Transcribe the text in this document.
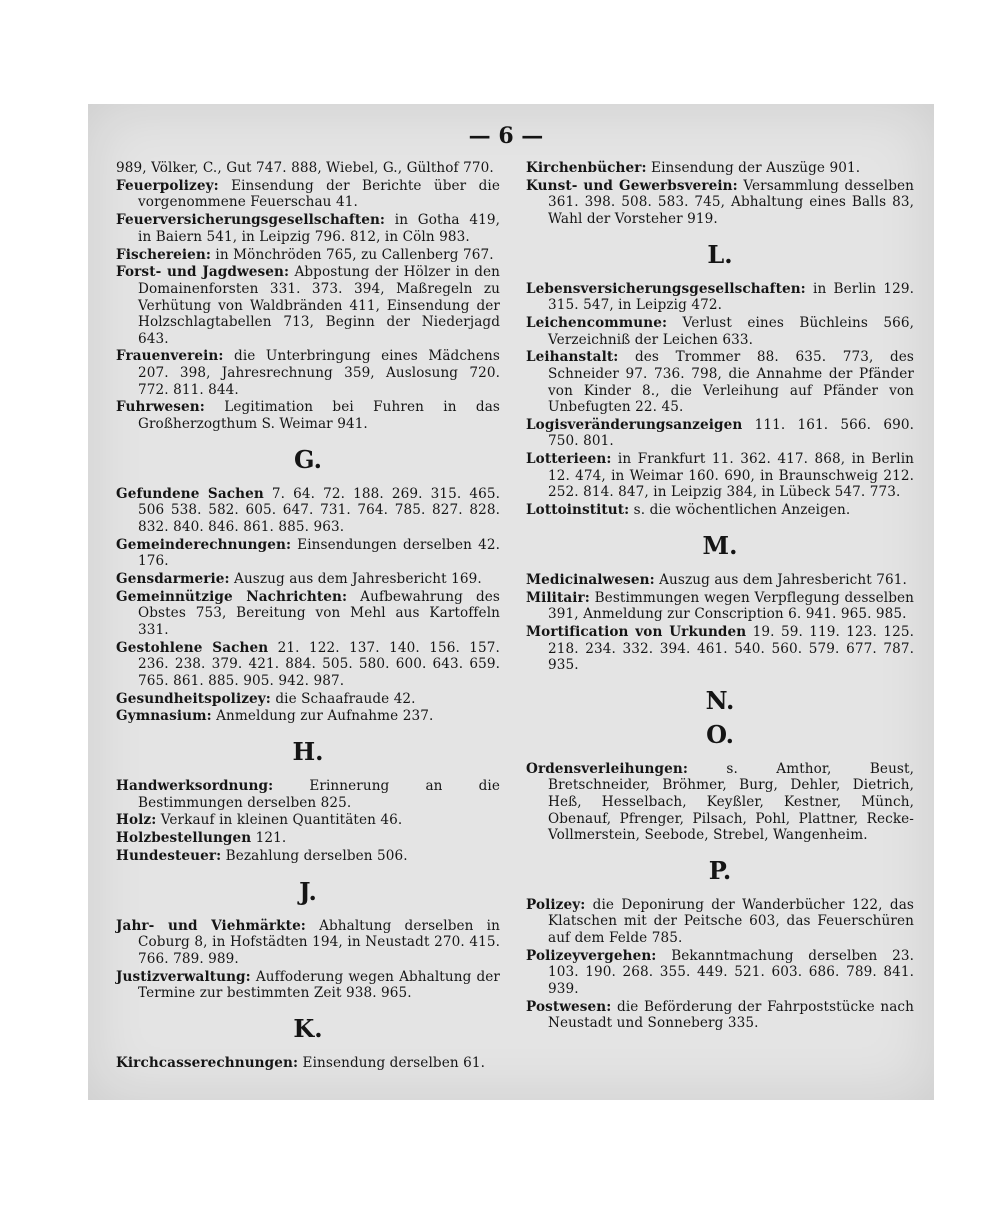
— 6 —
989, Völker, C., Gut 747. 888, Wiebel, G., Gülthof 770.
Feuerpolizey: Einsendung der Berichte über die vorgenommene Feuerschau 41.
Feuerversicherungsgesellschaften: in Gotha 419, in Baiern 541, in Leipzig 796. 812, in Cöln 983.
Fischereien: in Mönchröden 765, zu Callenberg 767.
Forst- und Jagdwesen: Abpostung der Hölzer in den Domainenforsten 331. 373. 394, Maßregeln zu Verhütung von Waldbränden 411, Einsendung der Holzschlagtabellen 713, Beginn der Niederjagd 643.
Frauenverein: die Unterbringung eines Mädchens 207. 398, Jahresrechnung 359, Auslosung 720. 772. 811. 844.
Fuhrwesen: Legitimation bei Fuhren in das Großherzogthum S. Weimar 941.
G.
Gefundene Sachen 7. 64. 72. 188. 269. 315. 465. 506 538. 582. 605. 647. 731. 764. 785. 827. 828. 832. 840. 846. 861. 885. 963.
Gemeinderechnungen: Einsendungen derselben 42. 176.
Gensdarmerie: Auszug aus dem Jahresbericht 169.
Gemeinnützige Nachrichten: Aufbewahrung des Obstes 753, Bereitung von Mehl aus Kartoffeln 331.
Gestohlene Sachen 21. 122. 137. 140. 156. 157. 236. 238. 379. 421. 884. 505. 580. 600. 643. 659. 765. 861. 885. 905. 942. 987.
Gesundheitspolizey: die Schaafraude 42.
Gymnasium: Anmeldung zur Aufnahme 237.
H.
Handwerksordnung: Erinnerung an die Bestimmungen derselben 825.
Holz: Verkauf in kleinen Quantitäten 46.
Holzbestellungen 121.
Hundesteuer: Bezahlung derselben 506.
J.
Jahr- und Viehmärkte: Abhaltung derselben in Coburg 8, in Hofstädten 194, in Neustadt 270. 415. 766. 789. 989.
Justizverwaltung: Auffoderung wegen Abhaltung der Termine zur bestimmten Zeit 938. 965.
K.
Kirchcasserechnungen: Einsendung derselben 61.
Kirchenbücher: Einsendung der Auszüge 901.
Kunst- und Gewerbsverein: Versammlung desselben 361. 398. 508. 583. 745, Abhaltung eines Balls 83, Wahl der Vorsteher 919.
L.
Lebensversicherungsgesellschaften: in Berlin 129. 315. 547, in Leipzig 472.
Leichencommune: Verlust eines Büchleins 566, Verzeichniß der Leichen 633.
Leihanstalt: des Trommer 88. 635. 773, des Schneider 97. 736. 798, die Annahme der Pfänder von Kinder 8., die Verleihung auf Pfänder von Unbefugten 22. 45.
Logisveränderungsanzeigen 111. 161. 566. 690. 750. 801.
Lotterieen: in Frankfurt 11. 362. 417. 868, in Berlin 12. 474, in Weimar 160. 690, in Braunschweig 212. 252. 814. 847, in Leipzig 384, in Lübeck 547. 773.
Lottoinstitut: s. die wöchentlichen Anzeigen.
M.
Medicinalwesen: Auszug aus dem Jahresbericht 761.
Militair: Bestimmungen wegen Verpflegung desselben 391, Anmeldung zur Conscription 6. 941. 965. 985.
Mortification von Urkunden 19. 59. 119. 123. 125. 218. 234. 332. 394. 461. 540. 560. 579. 677. 787. 935.
N.
O.
Ordensverleihungen: s. Amthor, Beust, Bretschneider, Bröhmer, Burg, Dehler, Dietrich, Heß, Hesselbach, Keyßler, Kestner, Münch, Obenauf, Pfrenger, Pilsach, Pohl, Plattner, Recke-Vollmerstein, Seebode, Strebel, Wangenheim.
P.
Polizey: die Deponirung der Wanderbücher 122, das Klatschen mit der Peitsche 603, das Feuerschüren auf dem Felde 785.
Polizeyvergehen: Bekanntmachung derselben 23. 103. 190. 268. 355. 449. 521. 603. 686. 789. 841. 939.
Postwesen: die Beförderung der Fahrpoststücke nach Neustadt und Sonneberg 335.
